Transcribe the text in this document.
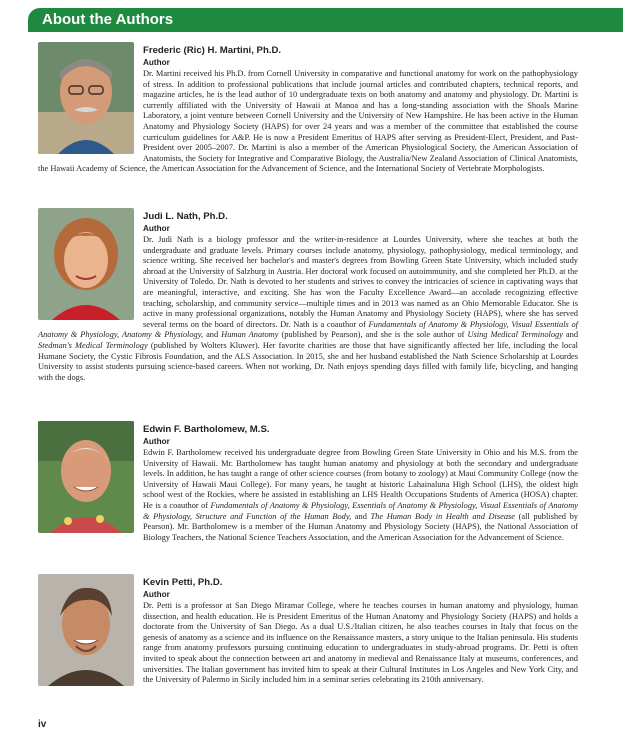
About the Authors
Frederic (Ric) H. Martini, Ph.D.
Author

Dr. Martini received his Ph.D. from Cornell University in comparative and functional anatomy for work on the pathophysiology of stress. In addition to professional publications that include journal articles and contributed chapters, technical reports, and magazine articles, he is the lead author of 10 undergraduate texts on both anatomy and anatomy and physiology. Dr. Martini is currently affiliated with the University of Hawaii at Manoa and has a long-standing association with the Shoals Marine Laboratory, a joint venture between Cornell University and the University of New Hampshire. He has been active in the Human Anatomy and Physiology Society (HAPS) for over 24 years and was a member of the committee that established the course curriculum guidelines for A&P. He is now a President Emeritus of HAPS after serving as President-Elect, President, and Past-President over 2005–2007. Dr. Martini is also a member of the American Physiological Society, the American Association of Anatomists, the Society for Integrative and Comparative Biology, the Australia/New Zealand Association of Clinical Anatomists, the Hawaii Academy of Science, the American Association for the Advancement of Science, and the International Society of Vertebrate Morphologists.

Judi L. Nath, Ph.D.
Author

Dr. Judi Nath is a biology professor and the writer-in-residence at Lourdes University, where she teaches at both the undergraduate and graduate levels. Primary courses include anatomy, physiology, pathophysiology, medical terminology, and science writing. She received her bachelor's and master's degrees from Bowling Green State University, which included study abroad at the University of Salzburg in Austria. Her doctoral work focused on autoimmunity, and she completed her Ph.D. at the University of Toledo. Dr. Nath is devoted to her students and strives to convey the intricacies of science in captivating ways that are meaningful, interactive, and exciting. She has won the Faculty Excellence Award—an accolade recognizing effective teaching, scholarship, and community service—multiple times and in 2013 was named as an Ohio Memorable Educator. She is active in many professional organizations, notably the Human Anatomy and Physiology Society (HAPS), where she has served several terms on the board of directors. Dr. Nath is a coauthor of Fundamentals of Anatomy & Physiology, Visual Essentials of Anatomy & Physiology, Anatomy & Physiology, and Human Anatomy (published by Pearson), and she is the sole author of Using Medical Terminology and Stedman's Medical Terminology (published by Wolters Kluwer). Her favorite charities are those that have significantly affected her life, including the local Humane Society, the Cystic Fibrosis Foundation, and the ALS Association. In 2015, she and her husband established the Nath Science Scholarship at Lourdes University to assist students pursuing science-based careers. When not working, Dr. Nath enjoys spending days filled with family life, bicycling, and hanging with the dogs.

Edwin F. Bartholomew, M.S.
Author

Edwin F. Bartholomew received his undergraduate degree from Bowling Green State University in Ohio and his M.S. from the University of Hawaii. Mr. Bartholomew has taught human anatomy and physiology at both the secondary and undergraduate levels. In addition, he has taught a range of other science courses (from botany to zoology) at Maui Community College (now the University of Hawaii Maui College). For many years, he taught at historic Lahainaluna High School (LHS), the oldest high school west of the Rockies, where he assisted in establishing an LHS Health Occupations Students of America (HOSA) chapter. He is a coauthor of Fundamentals of Anatomy & Physiology, Essentials of Anatomy & Physiology, Visual Essentials of Anatomy & Physiology, Structure and Function of the Human Body, and The Human Body in Health and Disease (all published by Pearson). Mr. Bartholomew is a member of the Human Anatomy and Physiology Society (HAPS), the National Association of Biology Teachers, the National Science Teachers Association, and the American Association for the Advancement of Science.

Kevin Petti, Ph.D.
Author

Dr. Petti is a professor at San Diego Miramar College, where he teaches courses in human anatomy and physiology, human dissection, and health education. He is President Emeritus of the Human Anatomy and Physiology Society (HAPS) and holds a doctorate from the University of San Diego. As a dual U.S./Italian citizen, he also teaches courses in Italy that focus on the genesis of anatomy as a science and its influence on the Renaissance masters, a story unique to the Italian peninsula. His students range from anatomy professors pursuing continuing education to undergraduates in study-abroad programs. Dr. Petti is often invited to speak about the connection between art and anatomy in medieval and Renaissance Italy at museums, conferences, and universities. The Italian government has invited him to speak at their Cultural Institutes in Los Angeles and New York City, and the University of Palermo in Sicily included him in a seminar series celebrating its 210th anniversary.

iv
